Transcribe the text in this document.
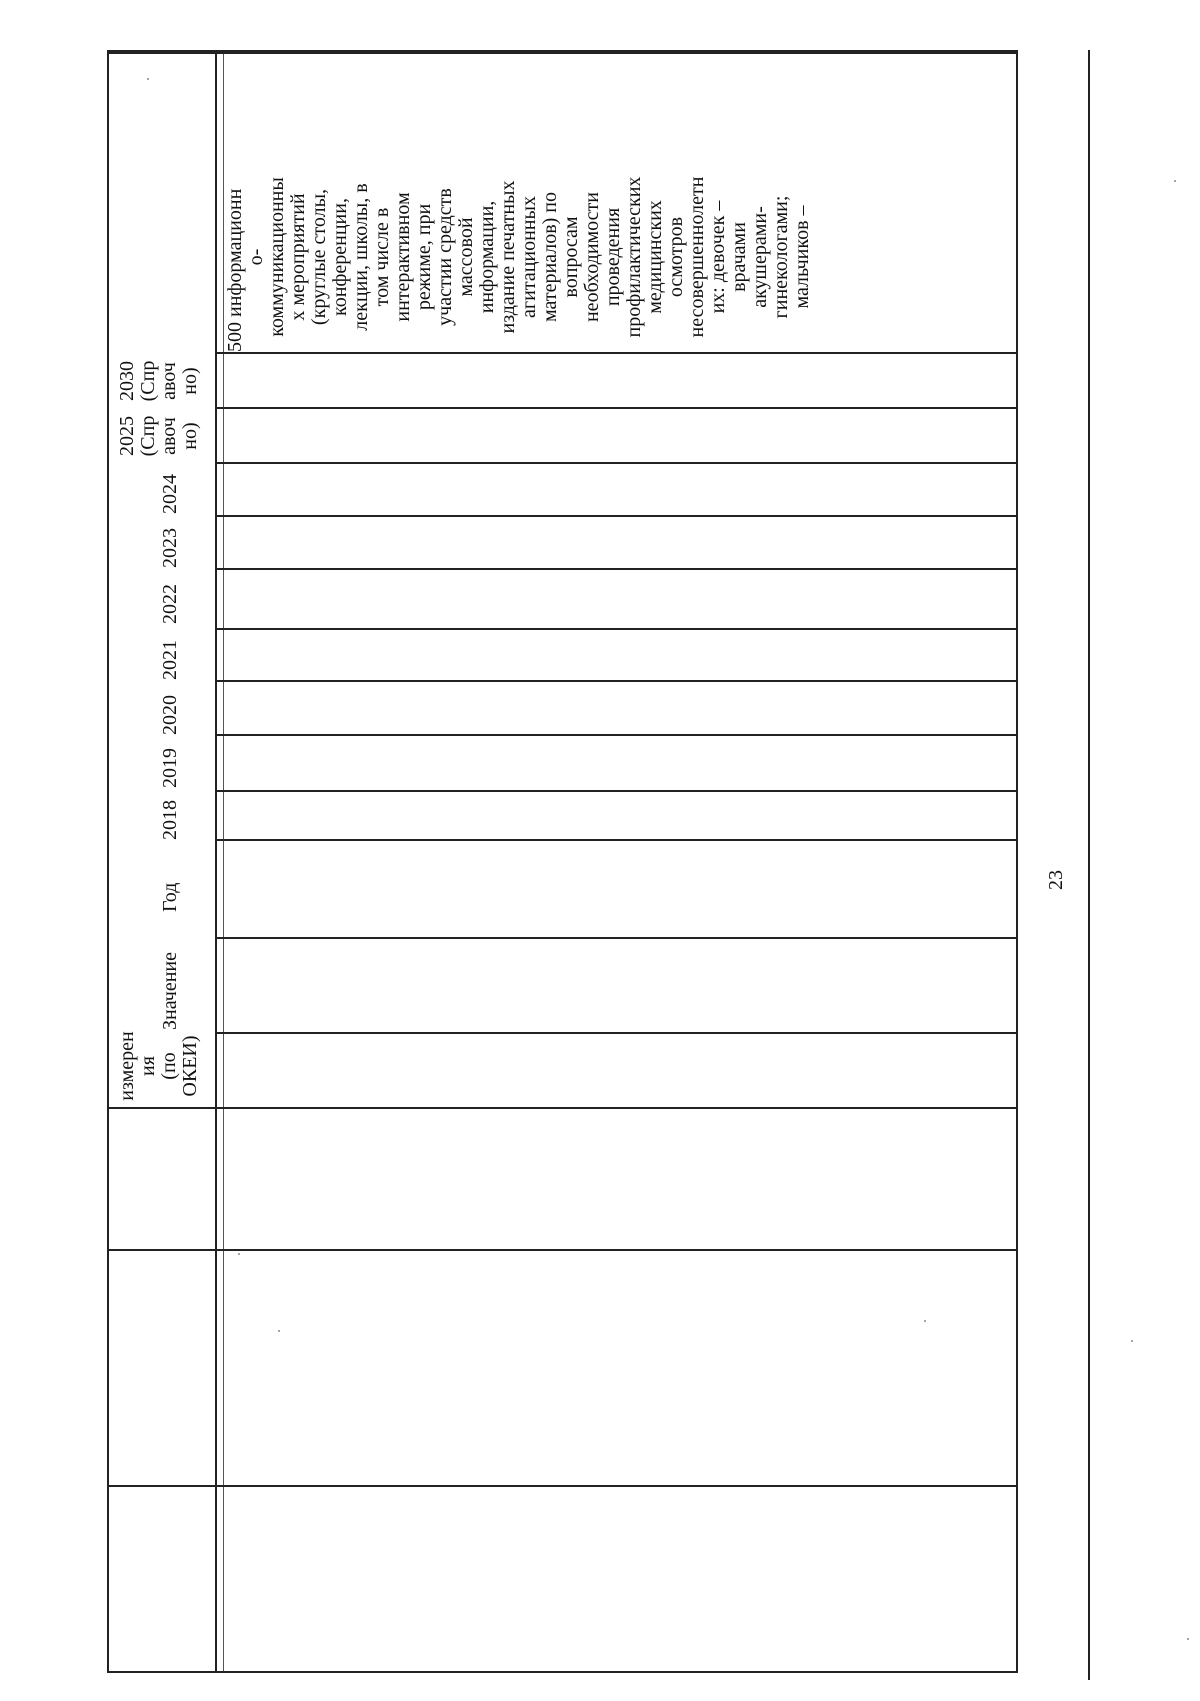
измерен ия (по ОКЕИ)
Значение
Год
2018
2019
2020
2021
2022
2023
2024
2025 (Спр авоч но)
2030 (Спр авоч но)
500 информационн о- коммуникационны х мероприятий (круглые столы, конференции, лекции, школы, в том числе в интерактивном режиме, при участии средств массовой информации, издание печатных агитационных материалов) по вопросам необходимости проведения профилактических медицинских осмотров несовершеннолетн их: девочек – врачами акушерами- гинекологами; мальчиков –
23
